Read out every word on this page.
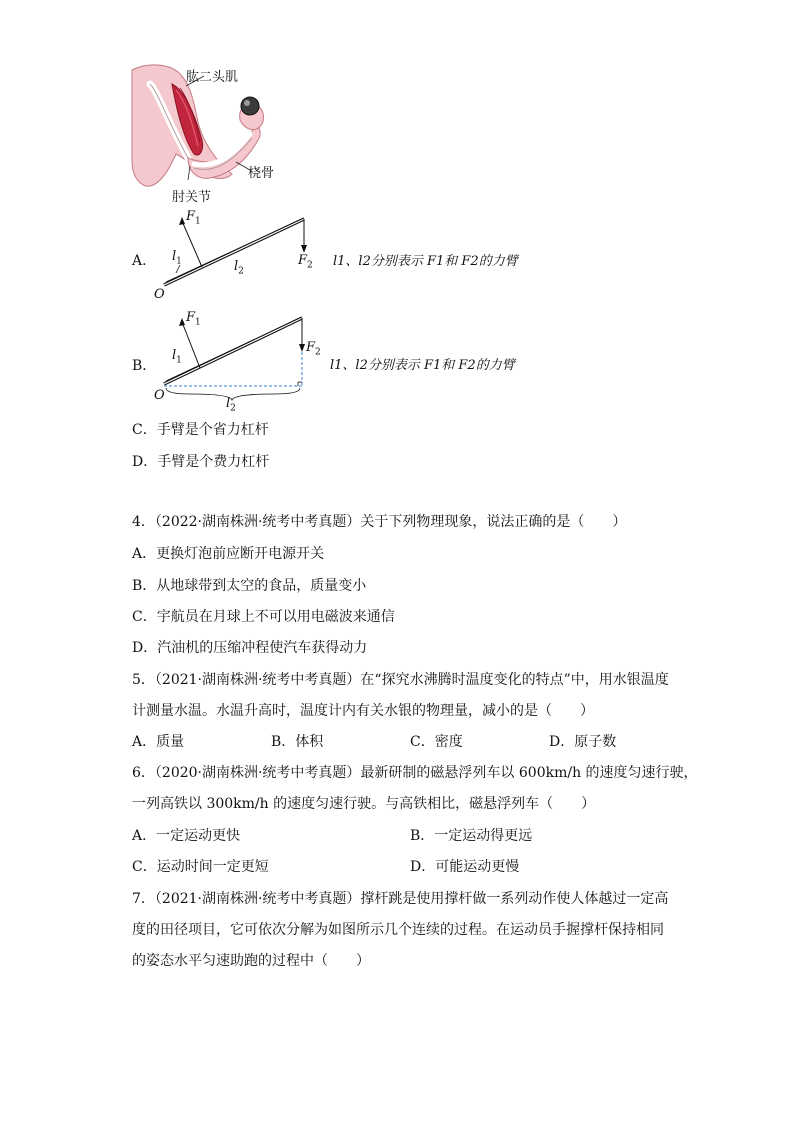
肱二头肌
桡骨
肘关节
A．
$F_1$
$F_2$
$l_1$	$l_2$
O
l1、l2分别表示 F1和 F2的力臂
B．
$F_1$
$F_2$
$l_1$
$l_2$
O
l1、l2分别表示 F1和 F2的力臂
C．手臂是个省力杠杆
D．手臂是个费力杠杆
4．（2022·湖南株洲·统考中考真题）关于下列物理现象，说法正确的是（　　）
A．更换灯泡前应断开电源开关
B．从地球带到太空的食品，质量变小
C．宇航员在月球上不可以用电磁波来通信
D．汽油机的压缩冲程使汽车获得动力
5．（2021·湖南株洲·统考中考真题）在“探究水沸腾时温度变化的特点”中，用水银温度
计测量水温。水温升高时，温度计内有关水银的物理量，减小的是（　　）
A．质量	B．体积	C．密度	D．原子数
6．（2020·湖南株洲·统考中考真题）最新研制的磁悬浮列车以 600km/h 的速度匀速行驶，
一列高铁以 300km/h 的速度匀速行驶。与高铁相比，磁悬浮列车（　　）
A．一定运动更快	B．一定运动得更远
C．运动时间一定更短	D．可能运动更慢
7．（2021·湖南株洲·统考中考真题）撑杆跳是使用撑杆做一系列动作使人体越过一定高
度的田径项目，它可依次分解为如图所示几个连续的过程。在运动员手握撑杆保持相同
的姿态水平匀速助跑的过程中（　　）
